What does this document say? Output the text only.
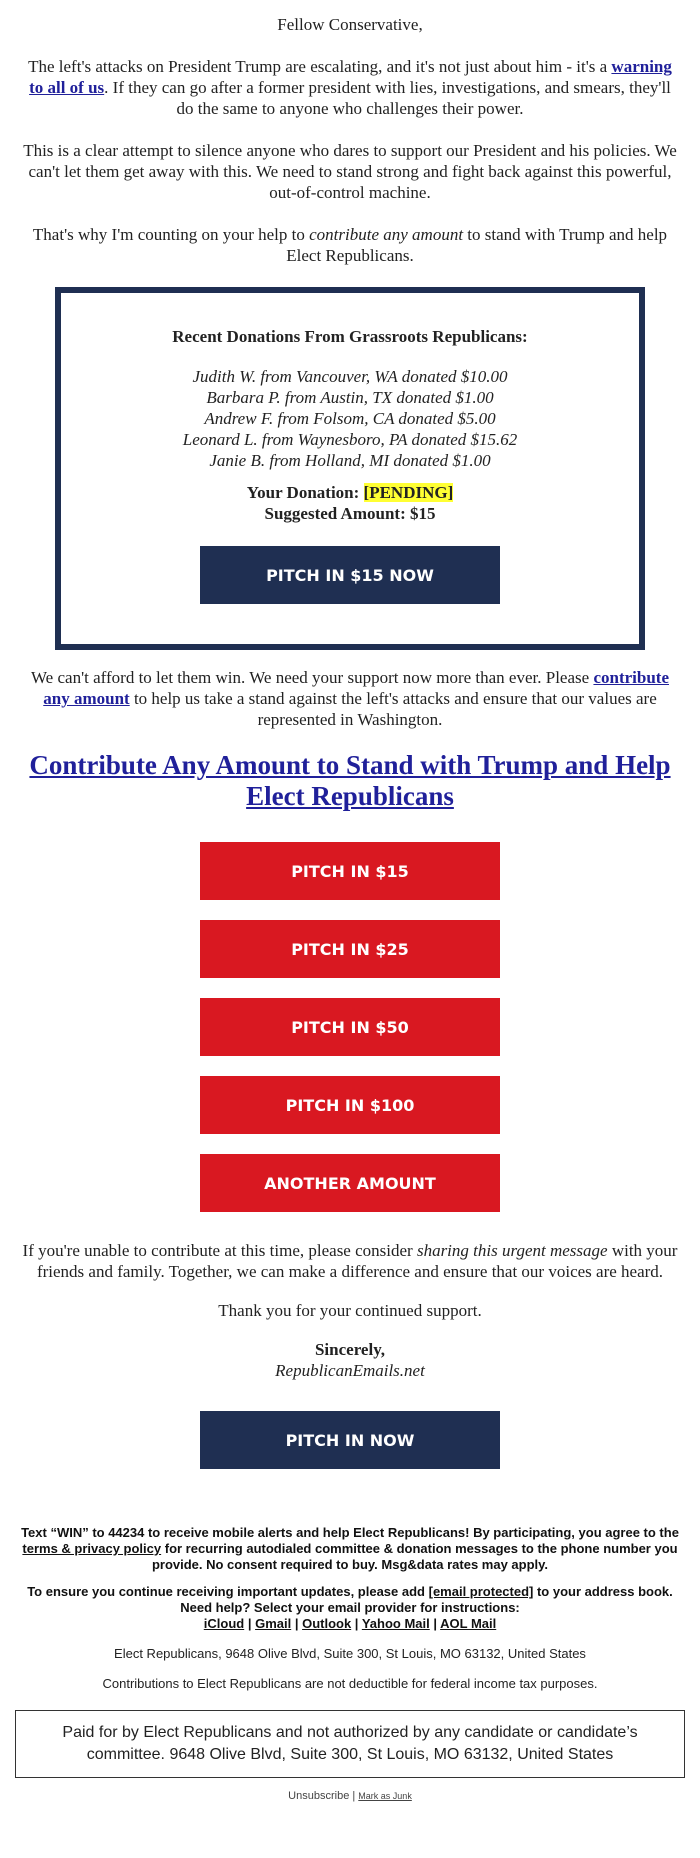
Fellow Conservative,

The left's attacks on President Trump are escalating, and it's not just about him - it's a warning to all of us. If they can go after a former president with lies, investigations, and smears, they'll do the same to anyone who challenges their power.

This is a clear attempt to silence anyone who dares to support our President and his policies. We can't let them get away with this. We need to stand strong and fight back against this powerful, out-of-control machine.

That's why I'm counting on your help to contribute any amount to stand with Trump and help Elect Republicans.

Recent Donations From Grassroots Republicans:
Judith W. from Vancouver, WA donated $10.00
Barbara P. from Austin, TX donated $1.00
Andrew F. from Folsom, CA donated $5.00
Leonard L. from Waynesboro, PA donated $15.62
Janie B. from Holland, MI donated $1.00
Your Donation: [PENDING]
Suggested Amount: $15
PITCH IN $15 NOW

We can't afford to let them win. We need your support now more than ever. Please contribute any amount to help us take a stand against the left's attacks and ensure that our values are represented in Washington.

Contribute Any Amount to Stand with Trump and Help Elect Republicans
PITCH IN $15
PITCH IN $25
PITCH IN $50
PITCH IN $100
ANOTHER AMOUNT

If you're unable to contribute at this time, please consider sharing this urgent message with your friends and family. Together, we can make a difference and ensure that our voices are heard.

Thank you for your continued support.

Sincerely,

RepublicanEmails.net

PITCH IN NOW

Text “WIN” to 44234 to receive mobile alerts and help Elect Republicans! By participating, you agree to the terms & privacy policy for recurring autodialed committee & donation messages to the phone number you provide. No consent required to buy. Msg&data rates may apply.

To ensure you continue receiving important updates, please add [email protected] to your address book. Need help? Select your email provider for instructions:
iCloud | Gmail | Outlook | Yahoo Mail | AOL Mail

Elect Republicans, 9648 Olive Blvd, Suite 300, St Louis, MO 63132, United States

Contributions to Elect Republicans are not deductible for federal income tax purposes.

Paid for by Elect Republicans and not authorized by any candidate or candidate’s committee. 9648 Olive Blvd, Suite 300, St Louis, MO 63132, United States
Unsubscribe | Mark as Junk
